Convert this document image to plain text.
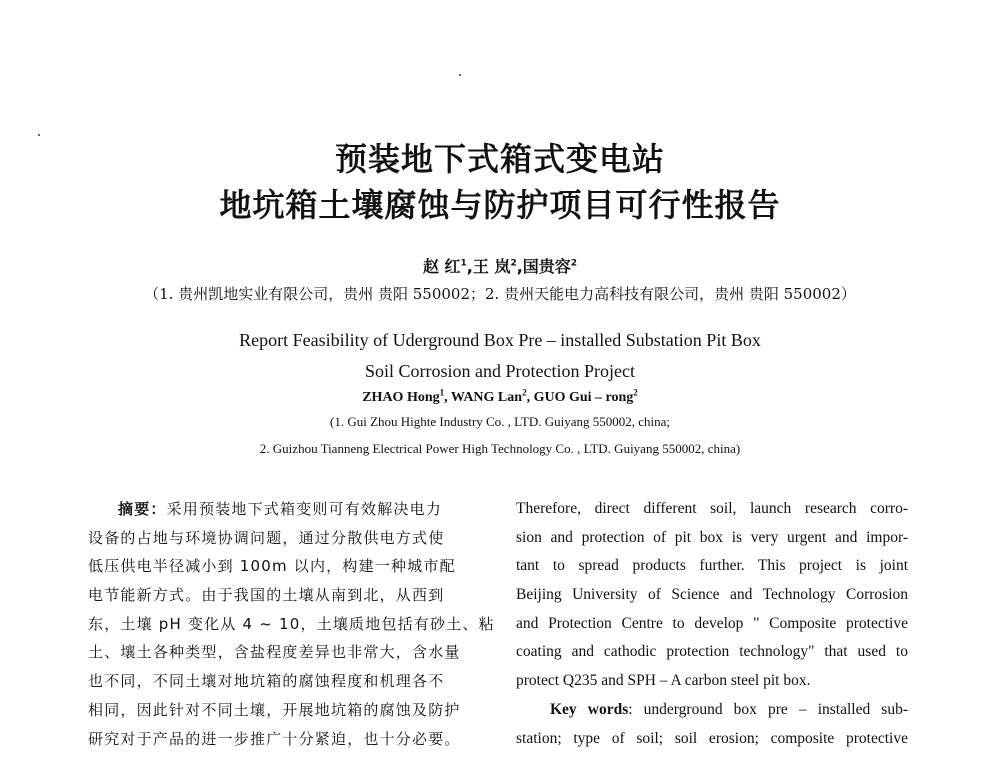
预装地下式箱式变电站
地坑箱土壤腐蚀与防护项目可行性报告
赵 红$^1$,王 岚$^2$,国贵容$^2$
（1. 贵州凯地实业有限公司，贵州 贵阳 550002；2. 贵州天能电力高科技有限公司，贵州 贵阳 550002）
Report Feasibility of Uderground Box Pre – installed Substation Pit Box
Soil Corrosion and Protection Project
ZHAO Hong$^1$, WANG Lan$^2$, GUO Gui – rong$^2$
(1. Gui Zhou Highte Industry Co. , LTD. Guiyang 550002, china;
2. Guizhou Tianneng Electrical Power High Technology Co. , LTD. Guiyang 550002, china)
摘要：采用预装地下式箱变则可有效解决电力
设备的占地与环境协调问题，通过分散供电方式使
低压供电半径减小到 100m 以内，构建一种城市配
电节能新方式。由于我国的土壤从南到北，从西到
东，土壤 pH 变化从 4 ~ 10，土壤质地包括有砂土、粘
土、壤土各种类型，含盐程度差异也非常大，含水量
也不同，不同土壤对地坑箱的腐蚀程度和机理各不
相同，因此针对不同土壤，开展地坑箱的腐蚀及防护
研究对于产品的进一步推广十分紧迫，也十分必要。
Therefore, direct different soil, launch research corro-
sion and protection of pit box is very urgent and impor-
tant to spread products further. This project is joint
Beijing University of Science and Technology Corrosion
and Protection Centre to develop " Composite protective
coating and cathodic protection technology" that used to
protect Q235 and SPH – A carbon steel pit box.
Key words: underground box pre – installed sub-
station; type of soil; soil erosion; composite protective
